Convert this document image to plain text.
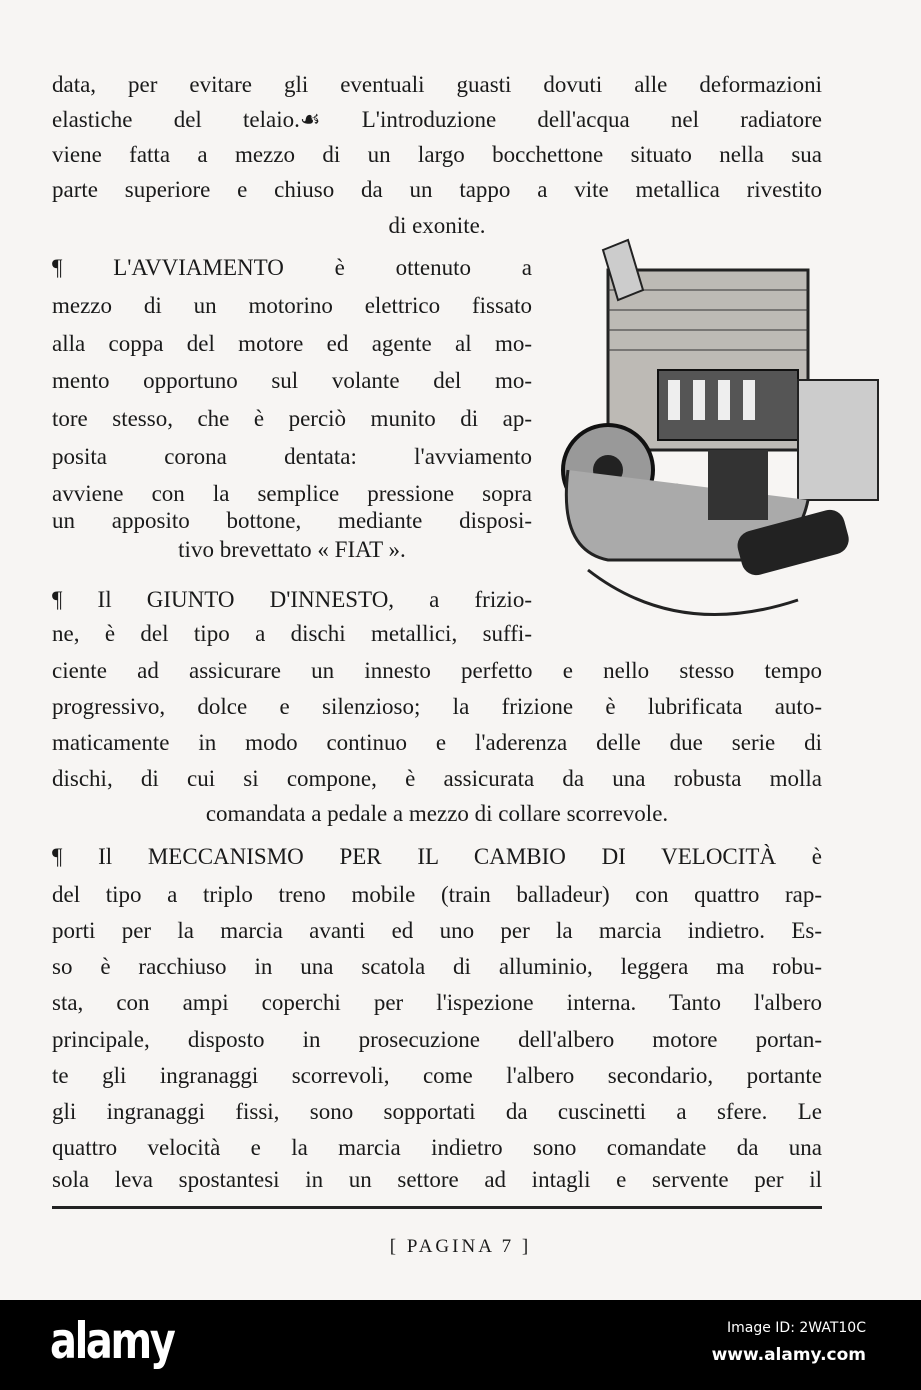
data, per evitare gli eventuali guasti dovuti alle deformazioni
elastiche del telaio.☙ L'introduzione dell'acqua nel radiatore
viene fatta a mezzo di un largo bocchettone situato nella sua
parte superiore e chiuso da un tappo a vite metallica rivestito
di exonite.
¶ L'AVVIAMENTO è ottenuto a
mezzo di un motorino elettrico fissato
alla coppa del motore ed agente al mo-
mento opportuno sul volante del mo-
tore stesso, che è perciò munito di ap-
posita corona dentata: l'avviamento
avviene con la semplice pressione sopra
un apposito bottone, mediante disposi-
tivo brevettato « FIAT ».
¶ Il GIUNTO D'INNESTO, a frizio-
ne, è del tipo a dischi metallici, suffi-
ciente ad assicurare un innesto perfetto e nello stesso tempo
progressivo, dolce e silenzioso; la frizione è lubrificata auto-
maticamente in modo continuo e l'aderenza delle due serie di
dischi, di cui si compone, è assicurata da una robusta molla
comandata a pedale a mezzo di collare scorrevole.
¶ Il MECCANISMO PER IL CAMBIO DI VELOCITÀ è
del tipo a triplo treno mobile (train balladeur) con quattro rap-
porti per la marcia avanti ed uno per la marcia indietro. Es-
so è racchiuso in una scatola di alluminio, leggera ma robu-
sta, con ampi coperchi per l'ispezione interna. Tanto l'albero
principale, disposto in prosecuzione dell'albero motore portan-
te gli ingranaggi scorrevoli, come l'albero secondario, portante
gli ingranaggi fissi, sono sopportati da cuscinetti a sfere. Le
quattro velocità e la marcia indietro sono comandate da una
sola leva spostantesi in un settore ad intagli e servente per il
[ PAGINA 7 ]
alamy	Image ID: 2WAT10C
www.alamy.com
